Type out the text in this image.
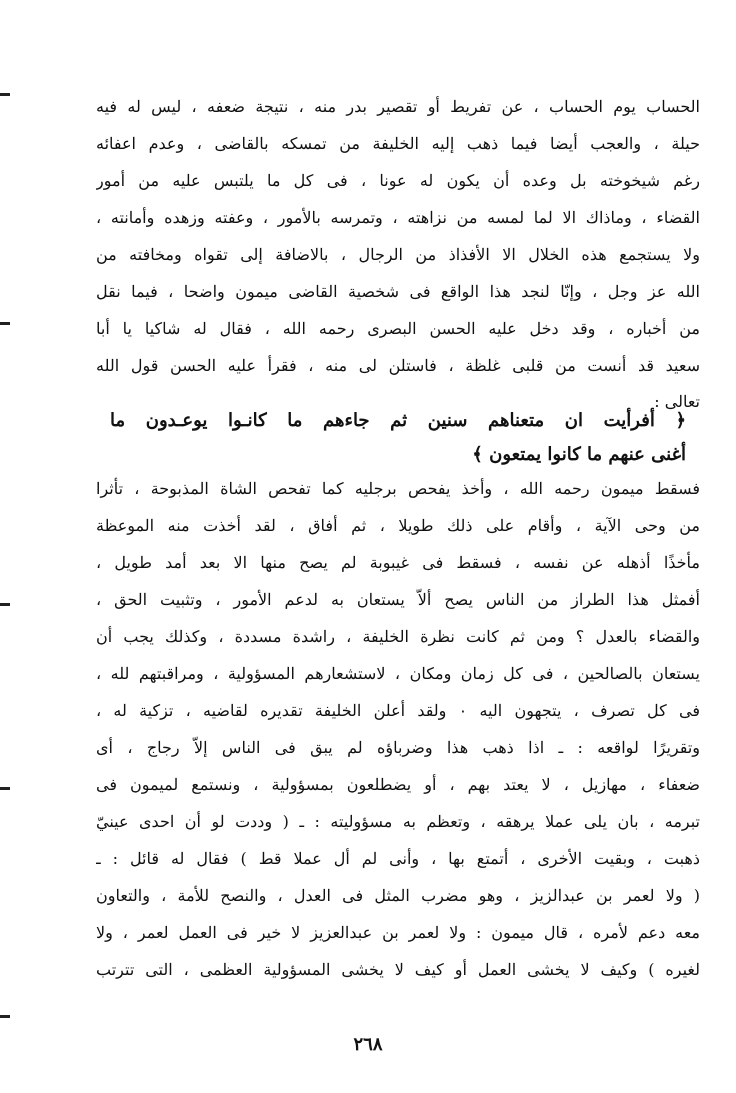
الحساب يوم الحساب ، عن تفريط أو تقصير بدر منه ، نتيجة ضعفه ، ليس له فيه
حيلة ، والعجب أيضا فيما ذهب إليه الخليفة من تمسكه بالقاضى ، وعدم اعفائه
رغم شيخوخته بل وعده أن يكون له عونا ، فى كل ما يلتبس عليه من أمور
القضاء ، وماذاك الا لما لمسه من نزاهته ، وتمرسه بالأمور ، وعفته وزهده وأمانته ،
ولا يستجمع هذه الخلال الا الأفذاذ من الرجال ، بالاضافة إلى تقواه ومخافته من
الله عز وجل ، وإنّا لنجد هذا الواقع فى شخصية القاضى ميمون واضحا ، فيما نقل
من أخباره ، وقد دخل عليه الحسن البصرى رحمه الله ، فقال له شاكيا يا أبا
سعيد قد أنست من قلبى غلظة ، فاستلن لى منه ، فقرأ عليه الحسن قول الله
تعالى :
﴿ أفرأيت ان متعناهم سنين ثم جاءهم ما كانـوا يوعـدون ما
أغنى عنهم ما كانوا يمتعون ﴾
فسقط ميمون رحمه الله ، وأخذ يفحص برجليه كما تفحص الشاة المذبوحة ، تأثرا
من وحى الآية ، وأقام على ذلك طويلا ، ثم أفاق ، لقد أخذت منه الموعظة
مأخذًا أذهله عن نفسه ، فسقط فى غيبوبة لم يصح منها الا بعد أمد طويل ،
أفمثل هذا الطراز من الناس يصح ألاّ يستعان به لدعم الأمور ، وتثبيت الحق ،
والقضاء بالعدل ؟ ومن ثم كانت نظرة الخليفة ، راشدة مسددة ، وكذلك يجب أن
يستعان بالصالحين ، فى كل زمان ومكان ، لاستشعارهم المسؤولية ، ومراقبتهم لله ،
فى كل تصرف ، يتجهون اليه ٠ ولقد أعلن الخليفة تقديره لقاضيه ، تزكية له ،
وتقريرًا لواقعه : ـ اذا ذهب هذا وضرباؤه لم يبق فى الناس إلاّ رجاج ، أى
ضعفاء ، مهازيل ، لا يعتد بهم ، أو يضطلعون بمسؤولية ، ونستمع لميمون فى
تبرمه ، بان يلى عملا يرهقه ، وتعظم به مسؤوليته : ـ ( وددت لو أن احدى عينيّ
ذهبت ، وبقيت الأخرى ، أتمتع بها ، وأنى لم أل عملا قط ) فقال له قائل : ـ
( ولا لعمر بن عبدالزيز ، وهو مضرب المثل فى العدل ، والنصح للأمة ، والتعاون
معه دعم لأمره ، قال ميمون : ولا لعمر بن عبدالعزيز لا خير فى العمل لعمر ، ولا
لغيره ) وكيف لا يخشى العمل أو كيف لا يخشى المسؤولية العظمى ، التى تترتب
٢٦٨
